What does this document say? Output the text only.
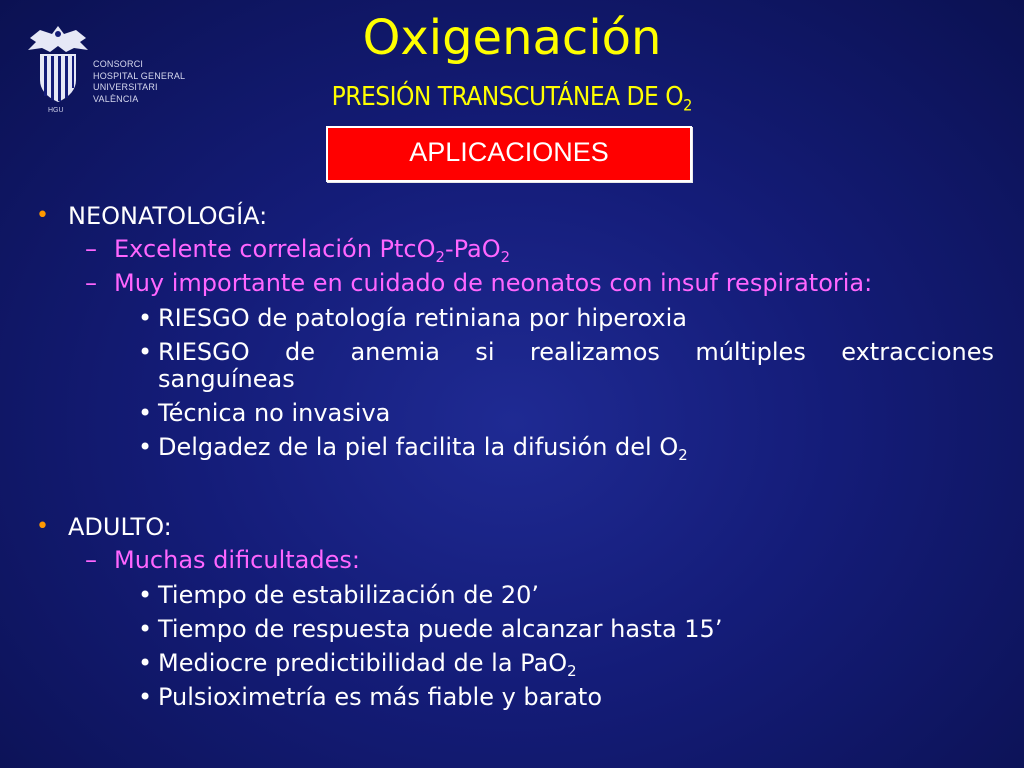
HGU
CONSORCI
HOSPITAL GENERAL
UNIVERSITARI
VALÈNCIA
Oxigenación
PRESIÓN TRANSCUTÁNEA DE $O_2$
APLICACIONES
• NEONATOLOGÍA:
– Excelente correlación PtcO$_2$-PaO$_2$
– Muy importante en cuidado de neonatos con insuf respiratoria:
• RIESGO de patología retiniana por hiperoxia
• RIESGO de anemia si realizamos múltiples extracciones
sanguíneas
• Técnica no invasiva
• Delgadez de la piel facilita la difusión del $O_2$
• ADULTO:
– Muchas dificultades:
• Tiempo de estabilización de 20’
• Tiempo de respuesta puede alcanzar hasta 15’
• Mediocre predictibilidad de la PaO$_2$
• Pulsioximetría es más fiable y barato
